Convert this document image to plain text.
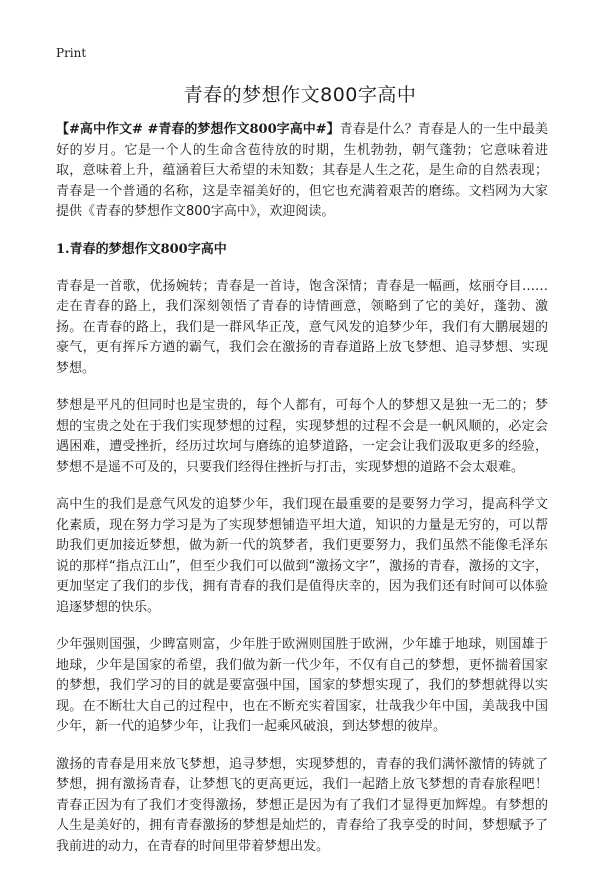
Print
青春的梦想作文800字高中

【#高中作文# #青春的梦想作文800字高中#】青春是什么？青春是人的一生中最美好的岁月。它是一个人的生命含苞待放的时期，生机勃勃，朝气蓬勃；它意味着进取，意味着上升，蕴涵着巨大希望的未知数；其春是人生之花，是生命的自然表现；青春是一个普通的名称，这是幸福美好的，但它也充满着艰苦的磨练。文档网为大家提供《青春的梦想作文800字高中》，欢迎阅读。

1.青春的梦想作文800字高中

青春是一首歌，优扬婉转；青春是一首诗，饱含深情；青春是一幅画，炫丽夺目……走在青春的路上，我们深刻领悟了青春的诗情画意，领略到了它的美好，蓬勃、激扬。在青春的路上，我们是一群风华正茂，意气风发的追梦少年，我们有大鹏展翅的豪气，更有挥斥方遒的霸气，我们会在激扬的青春道路上放飞梦想、追寻梦想、实现梦想。

梦想是平凡的但同时也是宝贵的，每个人都有，可每个人的梦想又是独一无二的；梦想的宝贵之处在于我们实现梦想的过程，实现梦想的过程不会是一帆风顺的，必定会遇困难，遭受挫折，经历过坎坷与磨练的追梦道路，一定会让我们汲取更多的经验，梦想不是遥不可及的，只要我们经得住挫折与打击，实现梦想的道路不会太艰难。

高中生的我们是意气风发的追梦少年，我们现在最重要的是要努力学习，提高科学文化素质，现在努力学习是为了实现梦想铺造平坦大道，知识的力量是无穷的，可以帮助我们更加接近梦想，做为新一代的筑梦者，我们更要努力，我们虽然不能像毛泽东说的那样“指点江山”，但至少我们可以做到“激扬文字”，激扬的青春，激扬的文字，更加坚定了我们的步伐，拥有青春的我们是值得庆幸的，因为我们还有时间可以体验追逐梦想的快乐。

少年强则国强，少睥富则富，少年胜于欧洲则国胜于欧洲，少年雄于地球，则国雄于地球，少年是国家的希望，我们做为新一代少年，不仅有自己的梦想，更怀揣着国家的梦想，我们学习的目的就是要富强中国，国家的梦想实现了，我们的梦想就得以实现。在不断壮大自己的过程中，也在不断充实着国家，壮哉我少年中国，美哉我中国少年，新一代的追梦少年，让我们一起乘风破浪，到达梦想的彼岸。

激扬的青春是用来放飞梦想，追寻梦想，实现梦想的，青春的我们满怀激情的铸就了梦想，拥有激扬青春，让梦想飞的更高更远，我们一起踏上放飞梦想的青春旅程吧！青春正因为有了我们才变得激扬，梦想正是因为有了我们才显得更加辉煌。有梦想的人生是美好的，拥有青春激扬的梦想是灿烂的，青春给了我享受的时间，梦想赋予了我前进的动力，在青春的时间里带着梦想出发。
